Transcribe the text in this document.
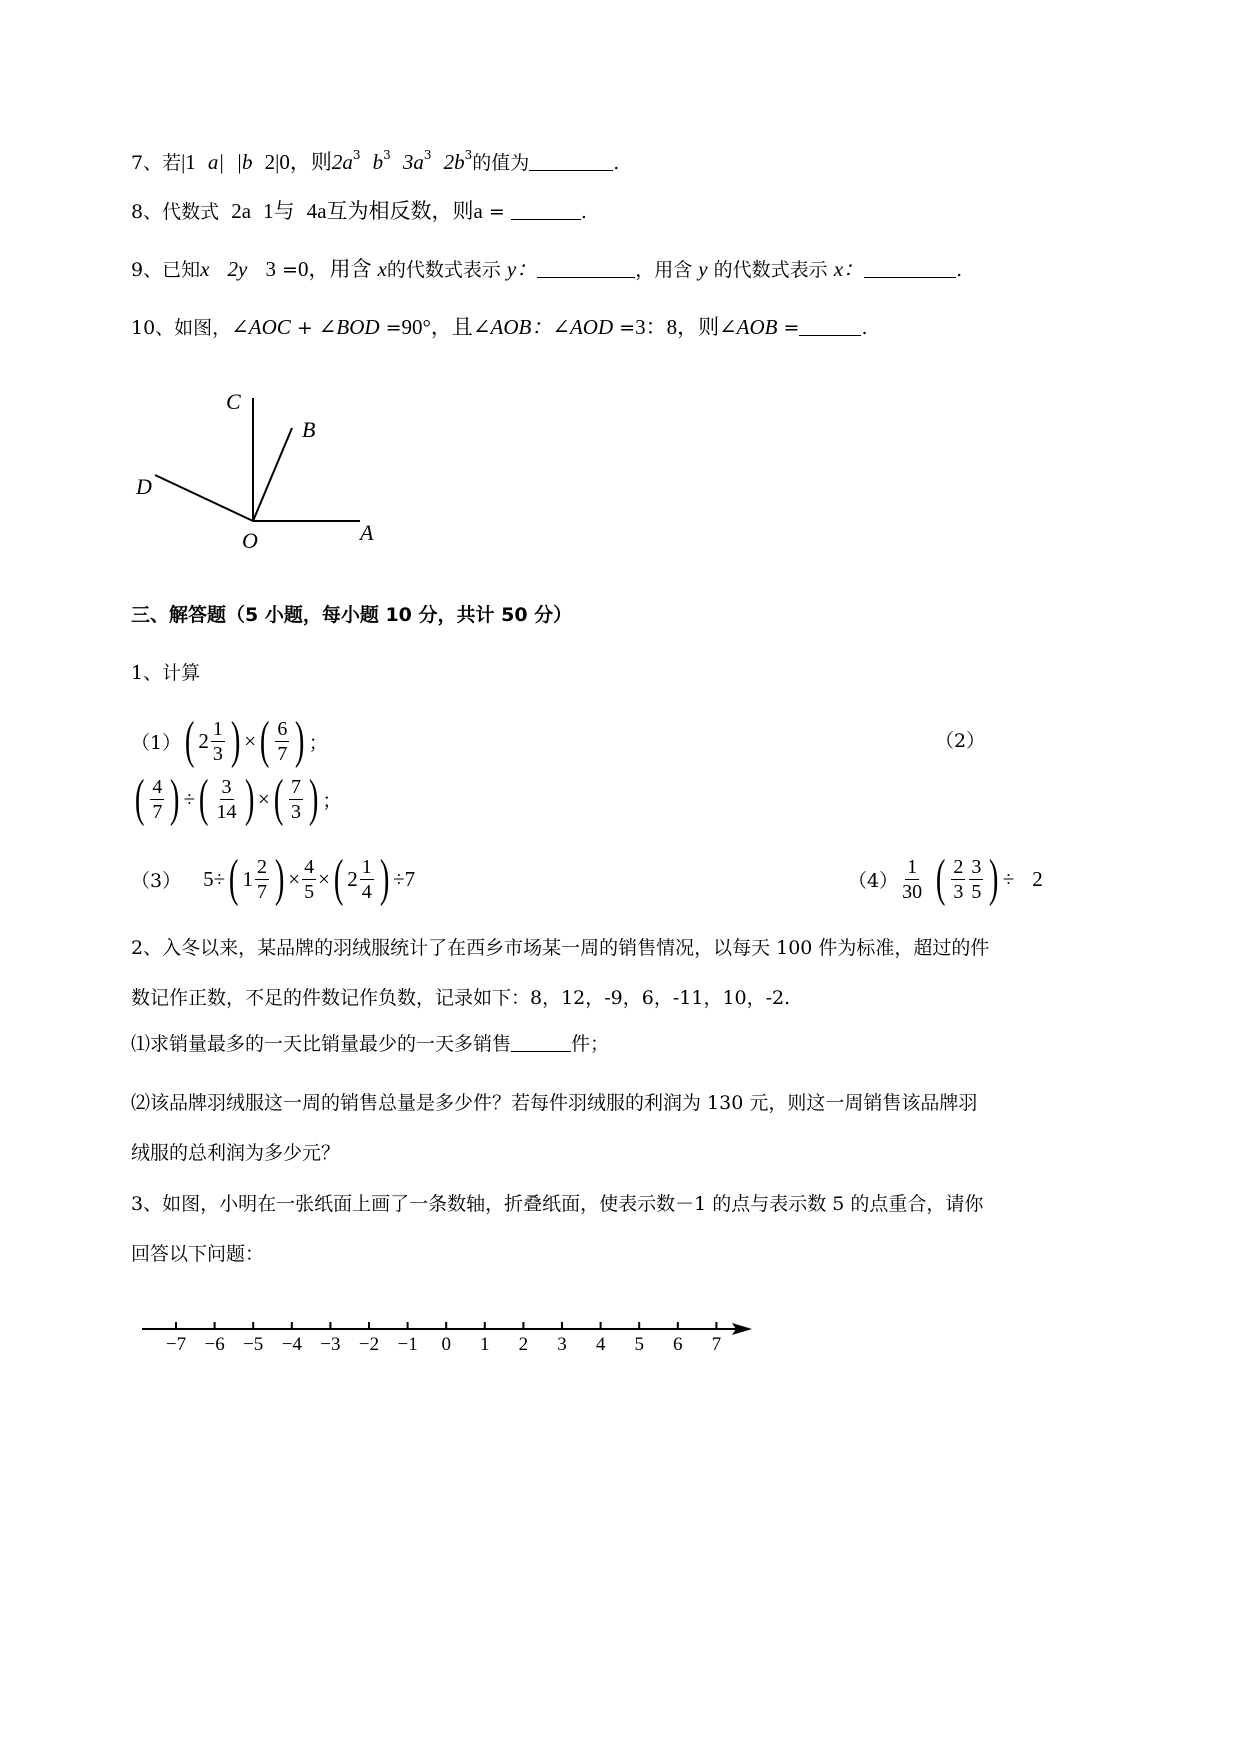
7、若|1 a| |b 2|0，则$2a^3$ $b^3$ $3a^3$ $2b^3$的值为	.
8、代数式 2a 1与 4a互为相反数，则a =	.
9、已知x 2y 3 =0，用含 x的代数式表示 y：	，用含 y 的代数式表示 x：	.
10、如图，∠AOC + ∠BOD =90°，且∠AOB：∠AOD =3：8，则∠AOB =	.
C
B
D
O	A
三、解答题（5 小题，每小题 10 分，共计 50 分）
1、计算
（1） ( $2 \frac{1}{3}$ ) × ( $\frac{6}{7}$ ) ；	（2）
( $\frac{4}{7}$ ) ÷ ( $\frac{3}{14}$ ) × ( $\frac{7}{3}$ ) ；
（3） 5÷ ( $1 \frac{2}{7}$ ) × $\frac{4}{5}$ × ( $2 \frac{1}{4}$ ) ÷7	$(4) \frac{1}{30}$ ( $\frac{2}{3} \frac{3}{5}$ ) ÷ 2
2、入冬以来，某品牌的羽绒服统计了在西乡市场某一周的销售情况，以每天 100 件为标准，超过的件
数记作正数，不足的件数记作负数，记录如下：8，12，-9，6，-11，10，-2.
⑴求销量最多的一天比销量最少的一天多销售	件；
⑵该品牌羽绒服这一周的销售总量是多少件？若每件羽绒服的利润为 130 元，则这一周销售该品牌羽
绒服的总利润为多少元？
3、如图，小明在一张纸面上画了一条数轴，折叠纸面，使表示数－1 的点与表示数 5 的点重合，请你
回答以下问题：
−7 −6 −5 −4 −3 −2 −1 0 1 2 3 4 5 6 7
